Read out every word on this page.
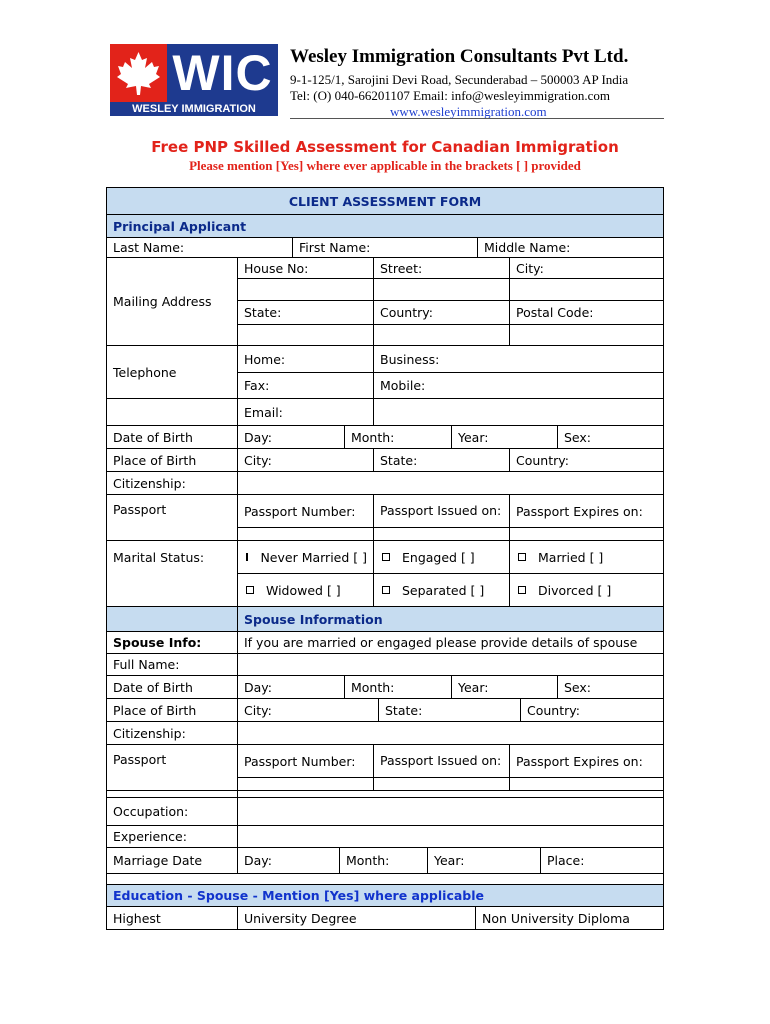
WIC
WESLEY IMMIGRATION CONSULTANTS
Wesley Immigration Consultants Pvt Ltd.
9-1-125/1, Sarojini Devi Road, Secunderabad – 500003 AP India
Tel: (O) 040-66201107 Email: info@wesleyimmigration.com
www.wesleyimmigration.com
Free PNP Skilled Assessment for Canadian Immigration
Please mention [Yes] where ever applicable in the brackets [ ] provided
CLIENT ASSESSMENT FORM
Principal Applicant
Last Name:	First Name:	Middle Name:
Mailing Address
House No:	Street:	City:
State:	Country:	Postal Code:
Telephone
Home:	Business:
Fax:	Mobile:
Email:
Date of Birth	Day:	Month:	Year:	Sex:
Place of Birth	City:	State:	Country:
Citizenship:
Passport	Passport Number:	Passport Issued on:	Passport Expires on:
Marital Status:	Never Married [ ]	Engaged [ ]	Married [ ]
Widowed [ ]	Separated [ ]	Divorced [ ]
Spouse Information
Spouse Info:	If you are married or engaged please provide details of spouse
Full Name:
Date of Birth	Day:	Month:	Year:	Sex:
Place of Birth	City:	State:	Country:
Citizenship:
Passport	Passport Number:	Passport Issued on:	Passport Expires on:
Occupation:
Experience:
Marriage Date	Day:	Month:	Year:	Place:
Education - Spouse - Mention [Yes] where applicable
Highest	University Degree	Non University Diploma
